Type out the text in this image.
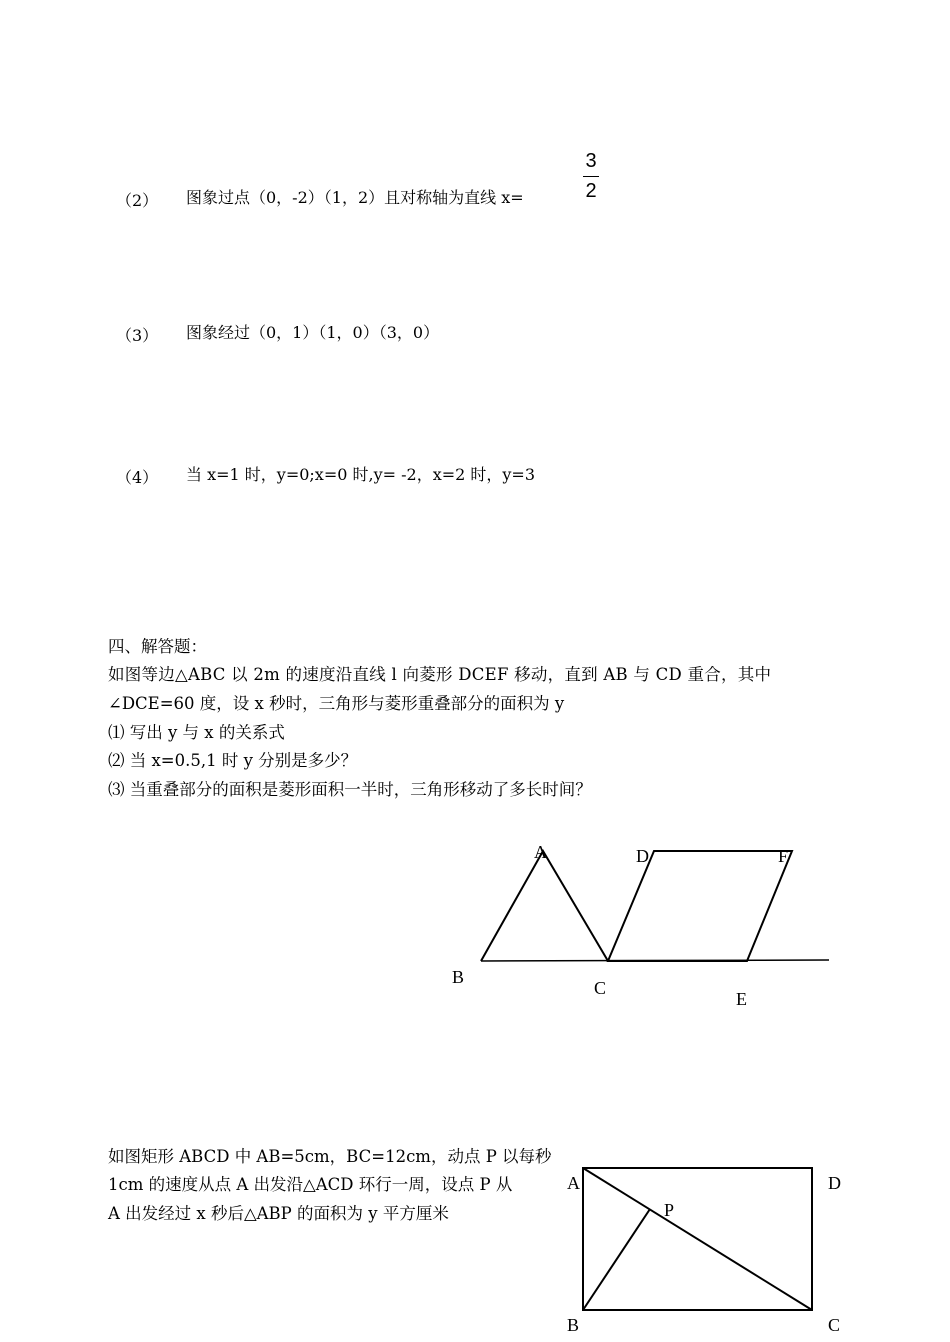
（2） 图象过点（0，-2）（1，2）且对称轴为直线 x=
3
2
（3） 图象经过（0，1）（1，0）（3，0）
（4） 当 x=1 时，y=0;x=0 时,y= -2，x=2 时，y=3
四、解答题：
如图等边△ABC 以 2m 的速度沿直线 l 向菱形 DCEF 移动，直到 AB 与 CD 重合，其中
∠DCE=60 度，设 x 秒时，三角形与菱形重叠部分的面积为 y
⑴ 写出 y 与 x 的关系式
⑵ 当 x=0.5,1 时 y 分别是多少？
⑶ 当重叠部分的面积是菱形面积一半时，三角形移动了多长时间？
A	D	F
B
C
E
如图矩形 ABCD 中 AB=5cm，BC=12cm，动点 P 以每秒
1cm 的速度从点 A 出发沿△ACD 环行一周，设点 P 从
A 出发经过 x 秒后△ABP 的面积为 y 平方厘米
A	D
P
B	C
